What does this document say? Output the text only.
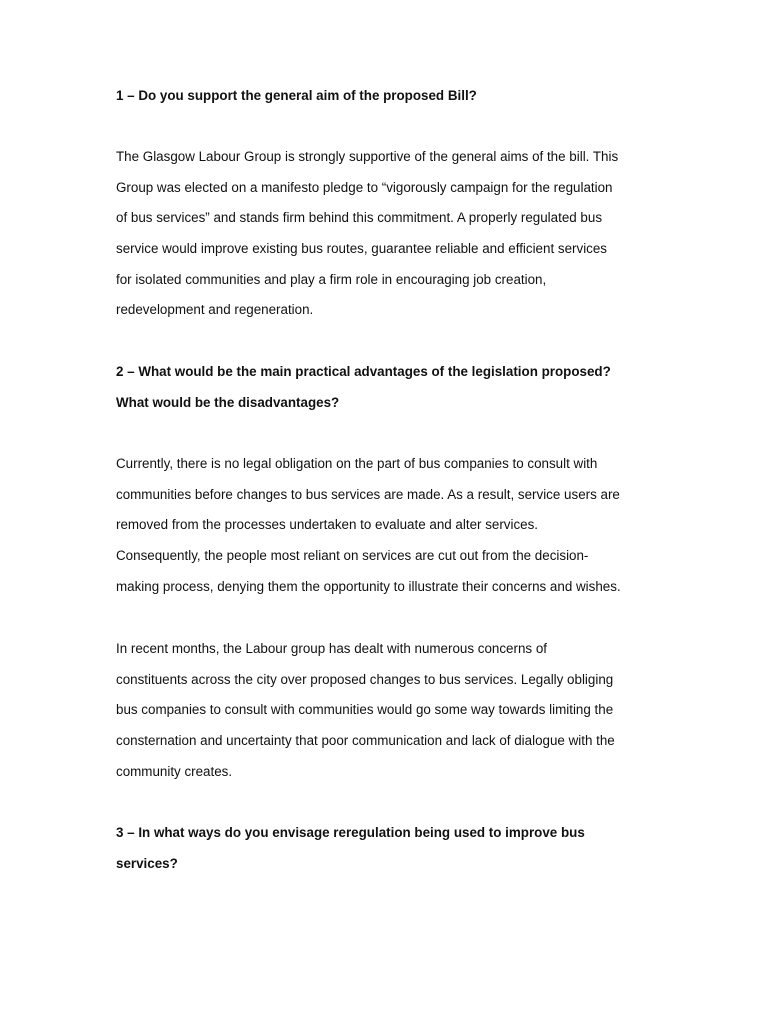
1 – Do you support the general aim of the proposed Bill?

The Glasgow Labour Group is strongly supportive of the general aims of the bill. This

Group was elected on a manifesto pledge to “vigorously campaign for the regulation

of bus services” and stands firm behind this commitment. A properly regulated bus

service would improve existing bus routes, guarantee reliable and efficient services

for isolated communities and play a firm role in encouraging job creation,

redevelopment and regeneration.

2 – What would be the main practical advantages of the legislation proposed?

What would be the disadvantages?

Currently, there is no legal obligation on the part of bus companies to consult with

communities before changes to bus services are made. As a result, service users are

removed from the processes undertaken to evaluate and alter services.

Consequently, the people most reliant on services are cut out from the decision-

making process, denying them the opportunity to illustrate their concerns and wishes.

In recent months, the Labour group has dealt with numerous concerns of

constituents across the city over proposed changes to bus services. Legally obliging

bus companies to consult with communities would go some way towards limiting the

consternation and uncertainty that poor communication and lack of dialogue with the

community creates.

3 – In what ways do you envisage reregulation being used to improve bus

services?
